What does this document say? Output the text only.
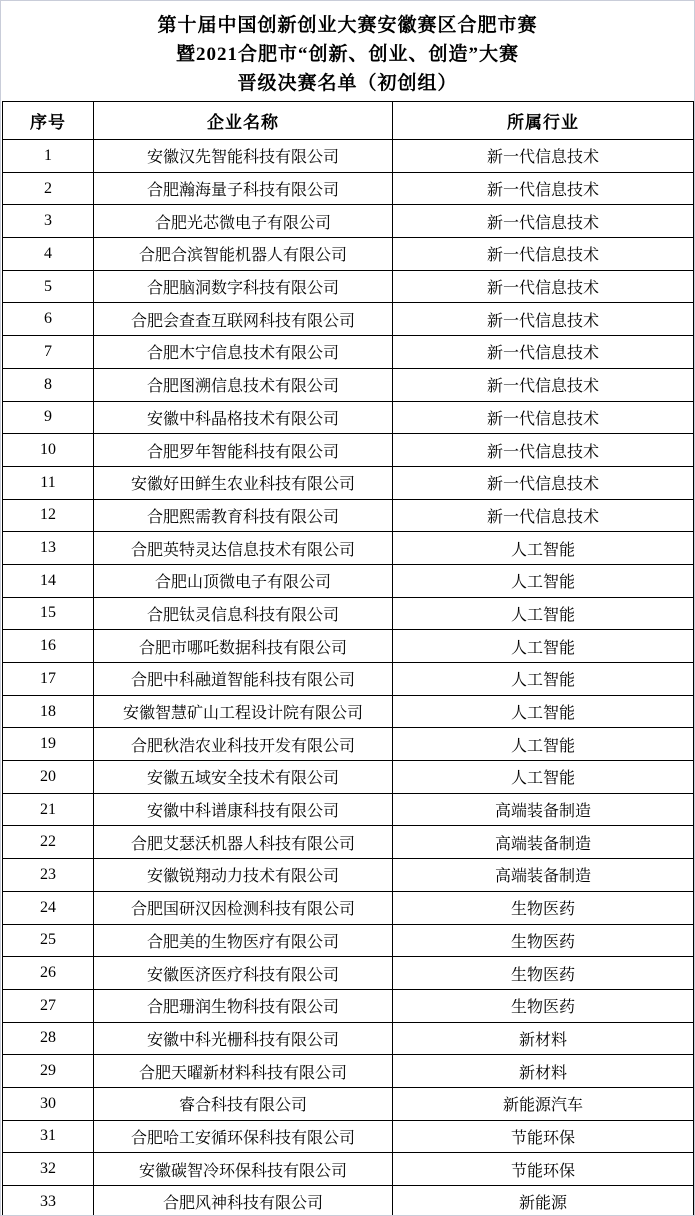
第十届中国创新创业大赛安徽赛区合肥市赛
暨2021合肥市“创新、创业、创造”大赛
晋级决赛名单（初创组）
序号	企业名称	所属行业
1	安徽汉先智能科技有限公司	新一代信息技术
2	合肥瀚海量子科技有限公司	新一代信息技术
3	合肥光芯微电子有限公司	新一代信息技术
4	合肥合滨智能机器人有限公司	新一代信息技术
5	合肥脑洞数字科技有限公司	新一代信息技术
6	合肥会查查互联网科技有限公司	新一代信息技术
7	合肥木宁信息技术有限公司	新一代信息技术
8	合肥图溯信息技术有限公司	新一代信息技术
9	安徽中科晶格技术有限公司	新一代信息技术
10	合肥罗年智能科技有限公司	新一代信息技术
11	安徽好田鲜生农业科技有限公司	新一代信息技术
12	合肥熙需教育科技有限公司	新一代信息技术
13	合肥英特灵达信息技术有限公司	人工智能
14	合肥山顶微电子有限公司	人工智能
15	合肥钛灵信息科技有限公司	人工智能
16	合肥市哪吒数据科技有限公司	人工智能
17	合肥中科融道智能科技有限公司	人工智能
18	安徽智慧矿山工程设计院有限公司	人工智能
19	合肥秋浩农业科技开发有限公司	人工智能
20	安徽五域安全技术有限公司	人工智能
21	安徽中科谱康科技有限公司	高端装备制造
22	合肥艾瑟沃机器人科技有限公司	高端装备制造
23	安徽锐翔动力技术有限公司	高端装备制造
24	合肥国研汉因检测科技有限公司	生物医药
25	合肥美的生物医疗有限公司	生物医药
26	安徽医济医疗科技有限公司	生物医药
27	合肥珊润生物科技有限公司	生物医药
28	安徽中科光栅科技有限公司	新材料
29	合肥天曜新材料科技有限公司	新材料
30	睿合科技有限公司	新能源汽车
31	合肥哈工安循环保科技有限公司	节能环保
32	安徽碳智冷环保科技有限公司	节能环保
33	合肥风神科技有限公司	新能源
